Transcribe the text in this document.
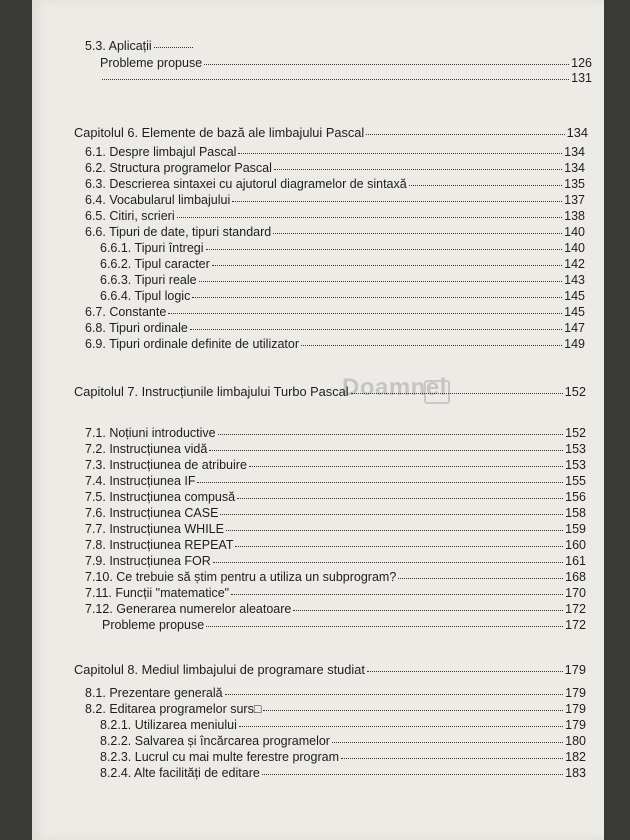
Doamnei
5.3. Aplicații
Probleme propuse	126
131
Capitolul 6. Elemente de bază ale limbajului Pascal	134
6.1. Despre limbajul Pascal	134
6.2. Structura programelor Pascal	134
6.3. Descrierea sintaxei cu ajutorul diagramelor de sintaxă	135
6.4. Vocabularul limbajului	137
6.5. Citiri, scrieri	138
6.6. Tipuri de date, tipuri standard	140
6.6.1. Tipuri întregi	140
6.6.2. Tipul caracter	142
6.6.3. Tipuri reale	143
6.6.4. Tipul logic	145
6.7. Constante	145
6.8. Tipuri ordinale	147
6.9. Tipuri ordinale definite de utilizator	149
Capitolul 7. Instrucțiunile limbajului Turbo Pascal	152
7.1. Noțiuni introductive	152
7.2. Instrucțiunea vidă	153
7.3. Instrucțiunea de atribuire	153
7.4. Instrucțiunea IF	155
7.5. Instrucțiunea compusă	156
7.6. Instrucțiunea CASE	158
7.7. Instrucțiunea WHILE	159
7.8. Instrucțiunea REPEAT	160
7.9. Instrucțiunea FOR	161
7.10. Ce trebuie să știm pentru a utiliza un subprogram?	168
7.11. Funcții "matematice"	170
7.12. Generarea numerelor aleatoare	172
Probleme propuse	172
Capitolul 8. Mediul limbajului de programare studiat	179
8.1. Prezentare generală	179
8.2. Editarea programelor surs□	179
8.2.1. Utilizarea meniului	179
8.2.2. Salvarea și încărcarea programelor	180
8.2.3. Lucrul cu mai multe ferestre program	182
8.2.4. Alte facilități de editare	183
